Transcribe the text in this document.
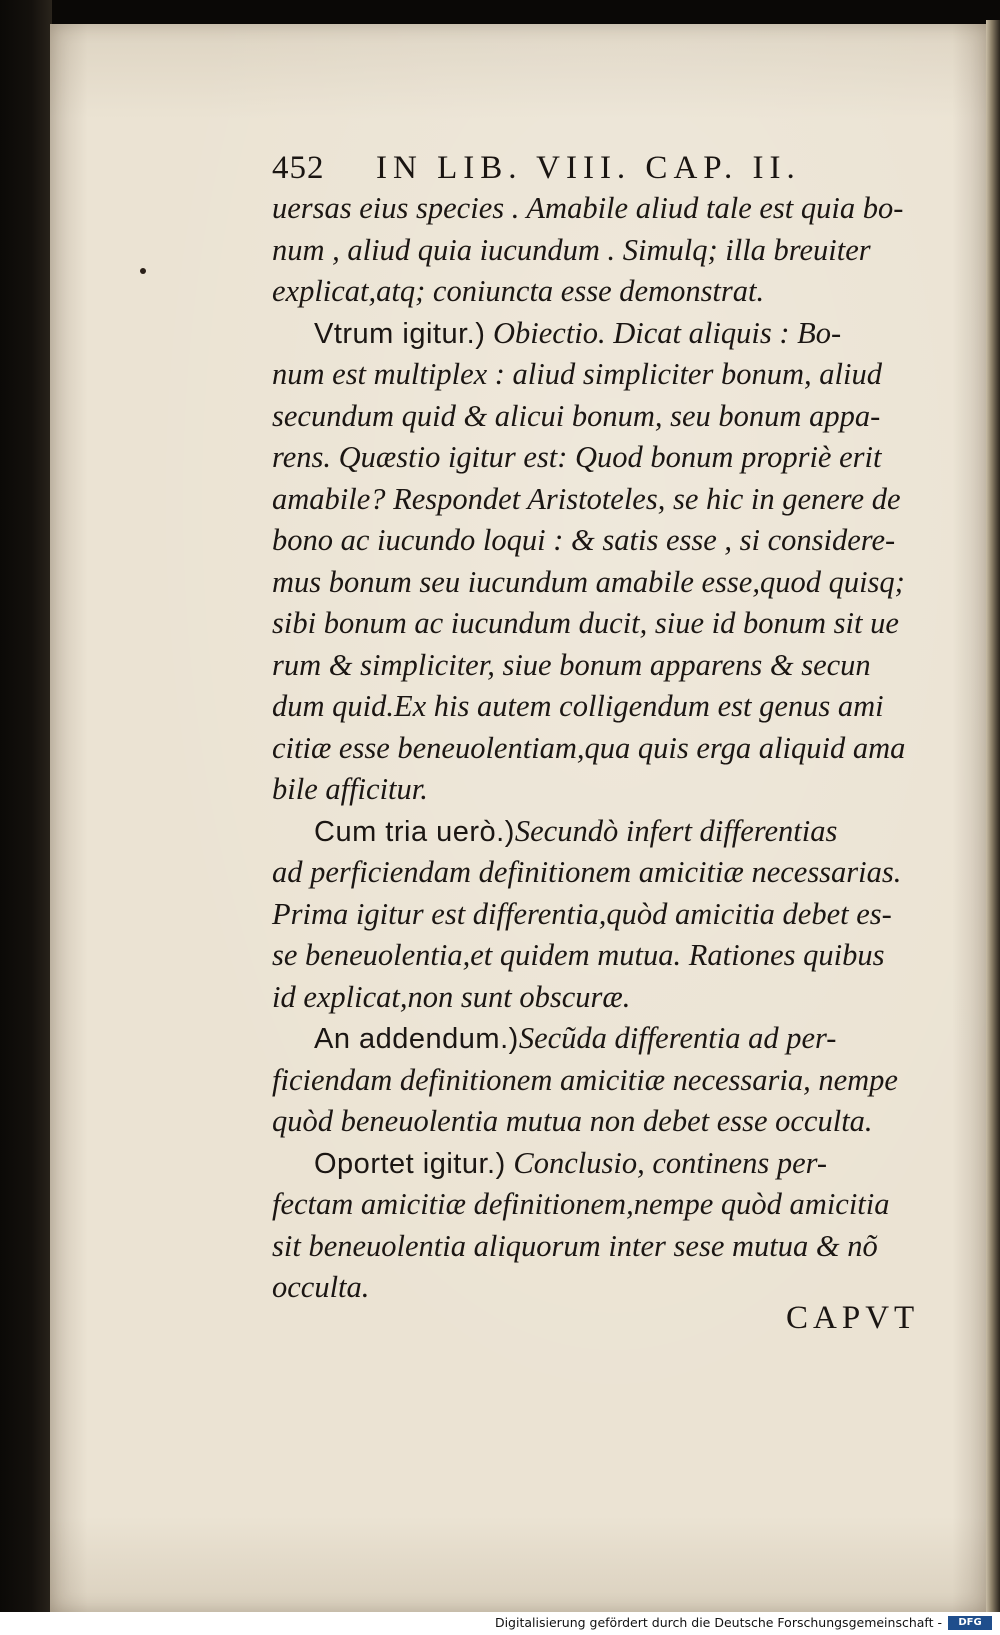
452 IN LIB. VIII. CAP. II.
uersas eius species . Amabile aliud tale est quia bo-
num , aliud quia iucundum . Simulq; illa breuiter
explicat,atq; coniuncta esse demonstrat.
Vtrum igitur.) Obiectio. Dicat aliquis : Bo-
num est multiplex : aliud simpliciter bonum, aliud
secundum quid & alicui bonum, seu bonum appa-
rens. Quæstio igitur est: Quod bonum propriè erit
amabile? Respondet Aristoteles, se hic in genere de
bono ac iucundo loqui : & satis esse , si considere-
mus bonum seu iucundum amabile esse,quod quisq;
sibi bonum ac iucundum ducit, siue id bonum sit ue
rum & simpliciter, siue bonum apparens & secun
dum quid.Ex his autem colligendum est genus ami
citiæ esse beneuolentiam,qua quis erga aliquid ama
bile afficitur.
Cum tria uerò.)Secundò infert differentias
ad perficiendam definitionem amicitiæ necessarias.
Prima igitur est differentia,quòd amicitia debet es-
se beneuolentia,et quidem mutua. Rationes quibus
id explicat,non sunt obscuræ.
An addendum.)Secũda differentia ad per-
ficiendam definitionem amicitiæ necessaria, nempe
quòd beneuolentia mutua non debet esse occulta.
Oportet igitur.) Conclusio, continens per-
fectam amicitiæ definitionem,nempe quòd amicitia
sit beneuolentia aliquorum inter sese mutua & nõ
occulta.
CAPVT
Digitalisierung gefördert durch die Deutsche Forschungsgemeinschaft -	DFG
